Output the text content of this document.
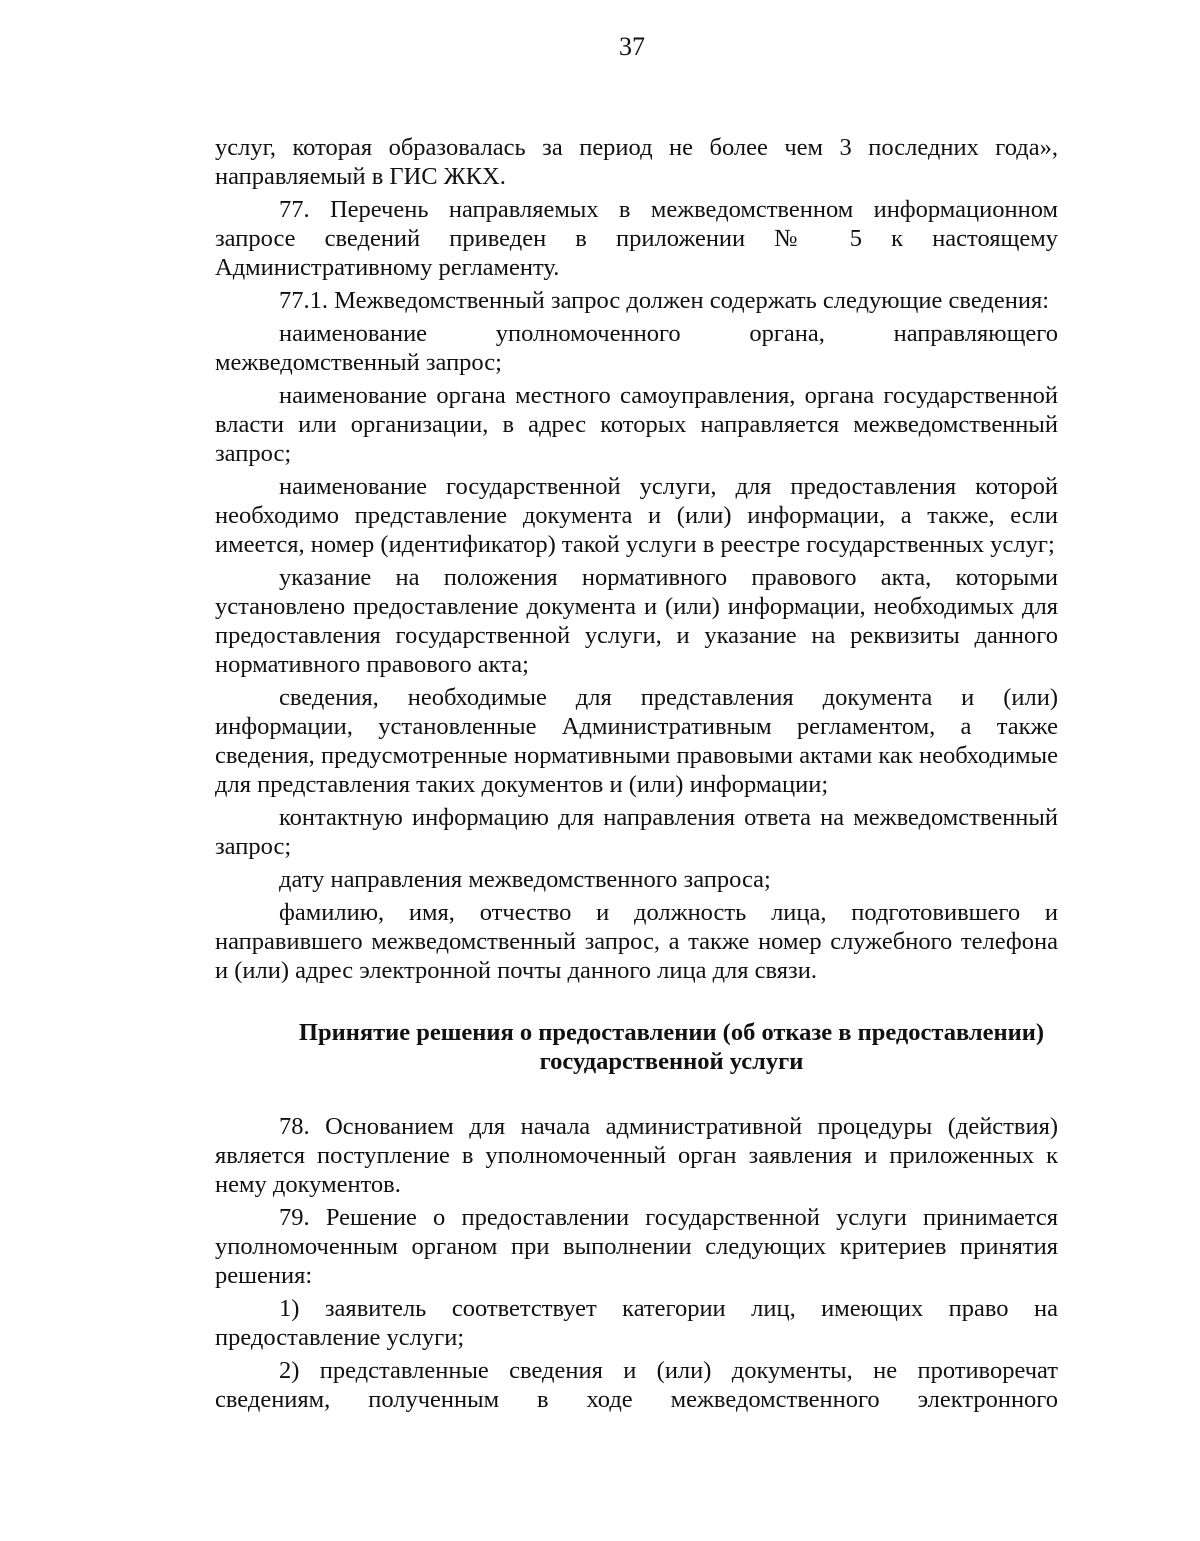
37

услуг, которая образовалась за период не более чем 3 последних года», направляемый в ГИС ЖКХ.

77. Перечень направляемых в межведомственном информационном запросе сведений приведен в приложении № 5 к настоящему Административному регламенту.

77.1. Межведомственный запрос должен содержать следующие сведения:

наименование уполномоченного органа, направляющего межведомственный запрос;

наименование органа местного самоуправления, органа государственной власти или организации, в адрес которых направляется межведомственный запрос;

наименование государственной услуги, для предоставления которой необходимо представление документа и (или) информации, а также, если имеется, номер (идентификатор) такой услуги в реестре государственных услуг;

указание на положения нормативного правового акта, которыми установлено предоставление документа и (или) информации, необходимых для предоставления государственной услуги, и указание на реквизиты данного нормативного правового акта;

сведения, необходимые для представления документа и (или) информации, установленные Административным регламентом, а также сведения, предусмотренные нормативными правовыми актами как необходимые для представления таких документов и (или) информации;

контактную информацию для направления ответа на межведомственный запрос;

дату направления межведомственного запроса;

фамилию, имя, отчество и должность лица, подготовившего и направившего межведомственный запрос, а также номер служебного телефона и (или) адрес электронной почты данного лица для связи.

Принятие решения о предоставлении (об отказе в предоставлении)
государственной услуги

78. Основанием для начала административной процедуры (действия) является поступление в уполномоченный орган заявления и приложенных к нему документов.

79. Решение о предоставлении государственной услуги принимается уполномоченным органом при выполнении следующих критериев принятия решения:

1) заявитель соответствует категории лиц, имеющих право на предоставление услуги;

2) представленные сведения и (или) документы, не противоречат сведениям, полученным в ходе межведомственного электронного
